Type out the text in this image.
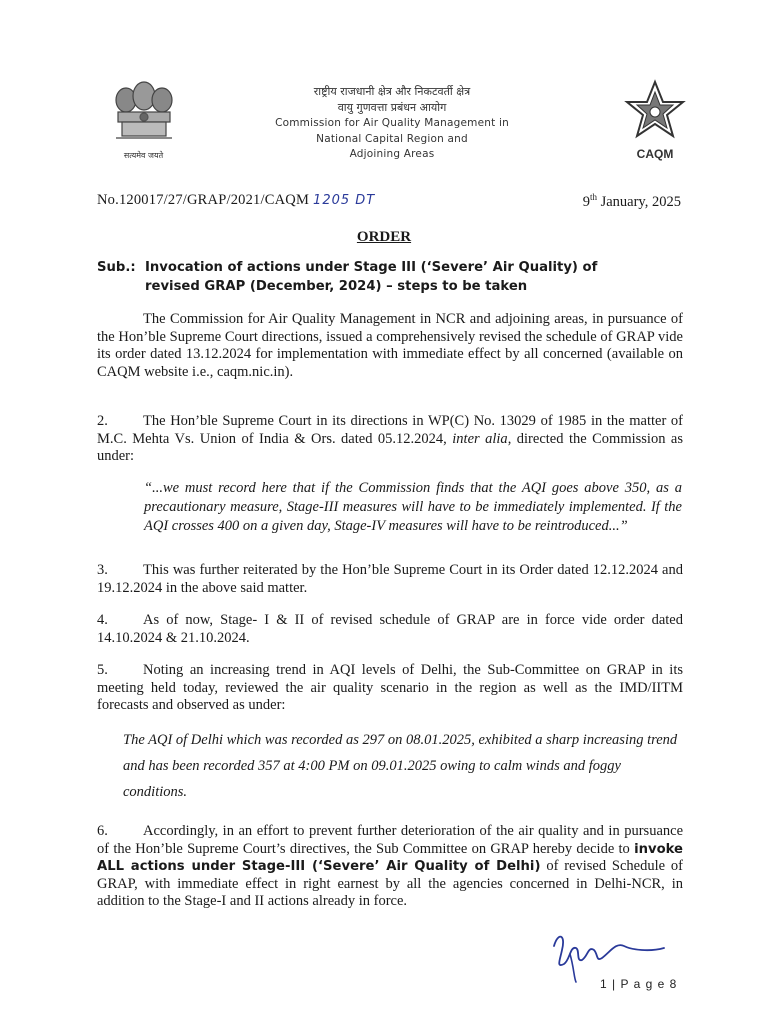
सत्यमेव जयते
राष्ट्रीय राजधानी क्षेत्र और निकटवर्ती क्षेत्र
वायु गुणवत्ता प्रबंधन आयोग
Commission for Air Quality Management in
National Capital Region and
Adjoining Areas	CAQM
No.120017/27/GRAP/2021/CAQM 1205 DT	9th January, 2025
ORDER
Sub.: Invocation of actions under Stage III (‘Severe’ Air Quality) of
revised GRAP (December, 2024) – steps to be taken
The Commission for Air Quality Management in NCR and adjoining areas, in pursuance of the Hon’ble Supreme Court directions, issued a comprehensively revised the schedule of GRAP vide its order dated 13.12.2024 for implementation with immediate effect by all concerned (available on CAQM website i.e., caqm.nic.in).
2. The Hon’ble Supreme Court in its directions in WP(C) No. 13029 of 1985 in the matter of M.C. Mehta Vs. Union of India & Ors. dated 05.12.2024, inter alia, directed the Commission as under:
“...we must record here that if the Commission finds that the AQI goes above 350, as a precautionary measure, Stage-III measures will have to be immediately implemented. If the AQI crosses 400 on a given day, Stage-IV measures will have to be reintroduced...”
3. This was further reiterated by the Hon’ble Supreme Court in its Order dated 12.12.2024 and 19.12.2024 in the above said matter.
4. As of now, Stage- I & II of revised schedule of GRAP are in force vide order dated 14.10.2024 & 21.10.2024.
5. Noting an increasing trend in AQI levels of Delhi, the Sub-Committee on GRAP in its meeting held today, reviewed the air quality scenario in the region as well as the IMD/IITM forecasts and observed as under:
The AQI of Delhi which was recorded as 297 on 08.01.2025, exhibited a sharp increasing trend and has been recorded 357 at 4:00 PM on 09.01.2025 owing to calm winds and foggy conditions.
6. Accordingly, in an effort to prevent further deterioration of the air quality and in pursuance of the Hon’ble Supreme Court’s directives, the Sub Committee on GRAP hereby decide to invoke ALL actions under Stage-III (‘Severe’ Air Quality of Delhi) of revised Schedule of GRAP, with immediate effect in right earnest by all the agencies concerned in Delhi-NCR, in addition to the Stage-I and II actions already in force.
1 | P a g e 8
